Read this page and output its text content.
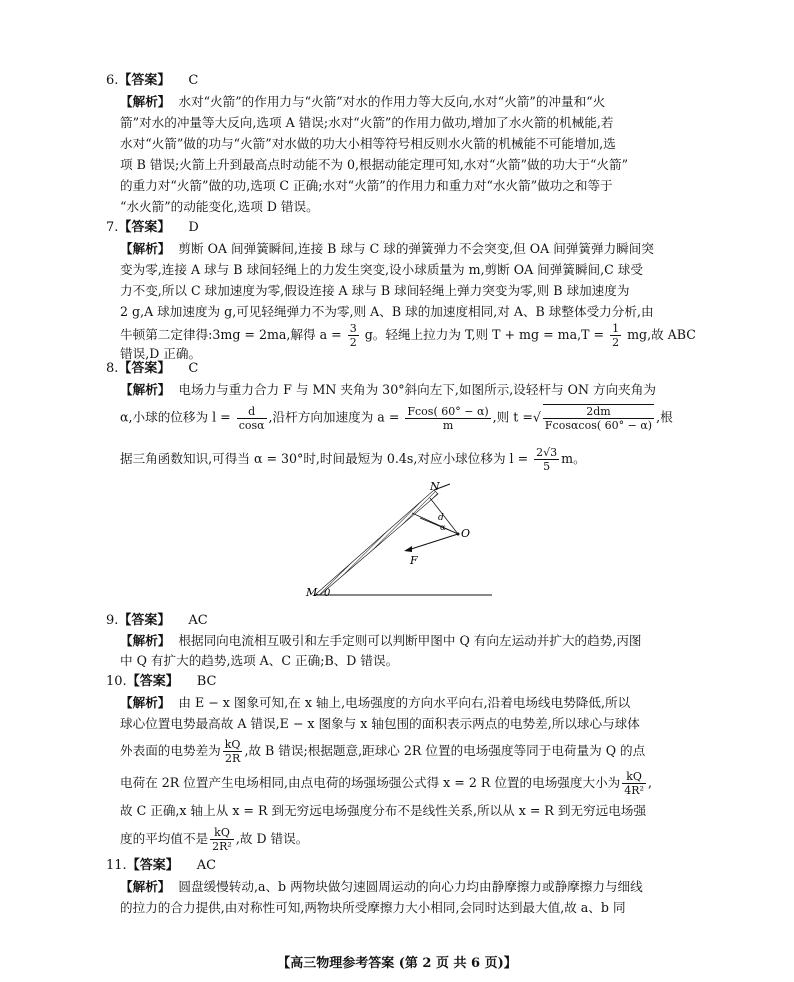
6.【答案】 C
【解析】 水对“火箭”的作用力与“火箭”对水的作用力等大反向,水对“火箭”的冲量和“火
箭”对水的冲量等大反向,选项 A 错误;水对“火箭”的作用力做功,增加了水火箭的机械能,若
水对“火箭”做的功与“火箭”对水做的功大小相等符号相反则水火箭的机械能不可能增加,选
项 B 错误;火箭上升到最高点时动能不为 0,根据动能定理可知,水对“火箭”做的功大于“火箭”
的重力对“火箭”做的功,选项 C 正确;水对“火箭”的作用力和重力对“水火箭”做功之和等于
“水火箭”的动能变化,选项 D 错误。
7.【答案】 D
【解析】 剪断 OA 间弹簧瞬间,连接 B 球与 C 球的弹簧弹力不会突变,但 OA 间弹簧弹力瞬间突
变为零,连接 A 球与 B 球间轻绳上的力发生突变,设小球质量为 m,剪断 OA 间弹簧瞬间,C 球受
力不变,所以 C 球加速度为零,假设连接 A 球与 B 球间轻绳上弹力突变为零,则 B 球加速度为
2 g,A 球加速度为 g,可见轻绳弹力不为零,则 A、B 球的加速度相同,对 A、B 球整体受力分析,由
牛顿第二定律得:3mg = 2ma,解得 $a = \frac{3}{2}$ g。轻绳上拉力为 T,则 T + mg = $ma,T = \frac{1}{2}$ mg,故 ABC
错误,D 正确。
8.【答案】 C
【解析】 电场力与重力合力 F 与 MN 夹角为 30°斜向左下,如图所示,设轻杆与 ON 方向夹角为
α,小球的位移为 $l = \frac{d}{\cos\alpha}$ ,沿杆方向加速度为 $a = \frac{Fcos( 60^\circ - \alpha)}{m}$ ,则 t =√ $\frac{2dm}{Fcos\alpha\cos( 60^\circ - \alpha)}$ ,根
据三角函数知识,可得当 α = 30°时,时间最短为 0.4s,对应小球位移为 $l = \frac{2√3}{5}$ m。
N
O
F
d
α
M 0
9.【答案】 AC
【解析】 根据同向电流相互吸引和左手定则可以判断甲图中 Q 有向左运动并扩大的趋势,丙图
中 Q 有扩大的趋势,选项 A、C 正确;B、D 错误。
10.【答案】 BC
【解析】 由 E − x 图象可知,在 x 轴上,电场强度的方向水平向右,沿着电场线电势降低,所以
球心位置电势最高故 A 错误,E − x 图象与 x 轴包围的面积表示两点的电势差,所以球心与球体
外表面的电势差为 $\frac{kQ}{2R}$ ,故 B 错误;根据题意,距球心 2R 位置的电场强度等同于电荷量为 Q 的点
电荷在 2R 位置产生电场相同,由点电荷的场强场强公式得 x = 2 R 位置的电场强度大小为 $\frac{kQ}{\text{4R²}}$ ,
故 C 正确,x 轴上从 x = R 到无穷远电场强度分布不是线性关系,所以从 x = R 到无穷远电场强
度的平均值不是 $\frac{kQ}{\text{2R²}}$ ,故 D 错误。
11.【答案】 AC
【解析】 圆盘缓慢转动,a、b 两物块做匀速圆周运动的向心力均由静摩擦力或静摩擦力与细线
的拉力的合力提供,由对称性可知,两物块所受摩擦力大小相同,会同时达到最大值,故 a、b 同
【高三物理参考答案 (第 2 页 共 6 页)】
